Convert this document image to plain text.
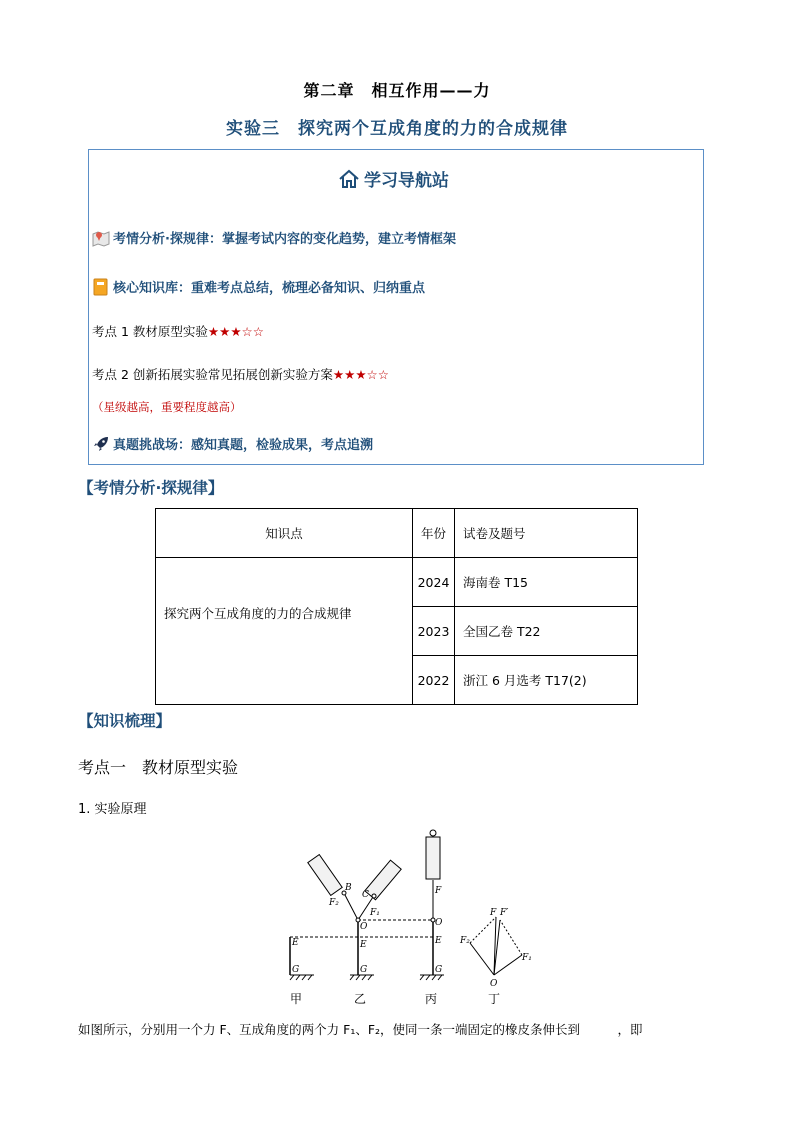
第二章　相互作用——力
实验三　探究两个互成角度的力的合成规律
学习导航站
考情分析·探规律： 掌握考试内容的变化趋势，建立考情框架
核心知识库： 重难考点总结，梳理必备知识、归纳重点
考点 1 教材原型实验★★★☆☆
考点 2 创新拓展实验常见拓展创新实验方案★★★☆☆
（星级越高，重要程度越高）
真题挑战场： 感知真题，检验成果，考点追溯
【考情分析·探规律】
知识点	年份	试卷及题号
探究两个互成角度的力的合成规律	2024	海南卷 T15
	2023	全国乙卷 T22
	2022	浙江 6 月选考 T17(2)
【知识梳理】
考点一　教材原型实验
1. 实验原理
E
G
E
G
O
B
C
F₂
F₁
E
G
O
F
F F′
F₂
F₁
O
甲	乙	丙	丁
如图所示，分别用一个力 F、互成角度的两个力 F₁、F₂，使同一条一端固定的橡皮条伸长到　　　，即
